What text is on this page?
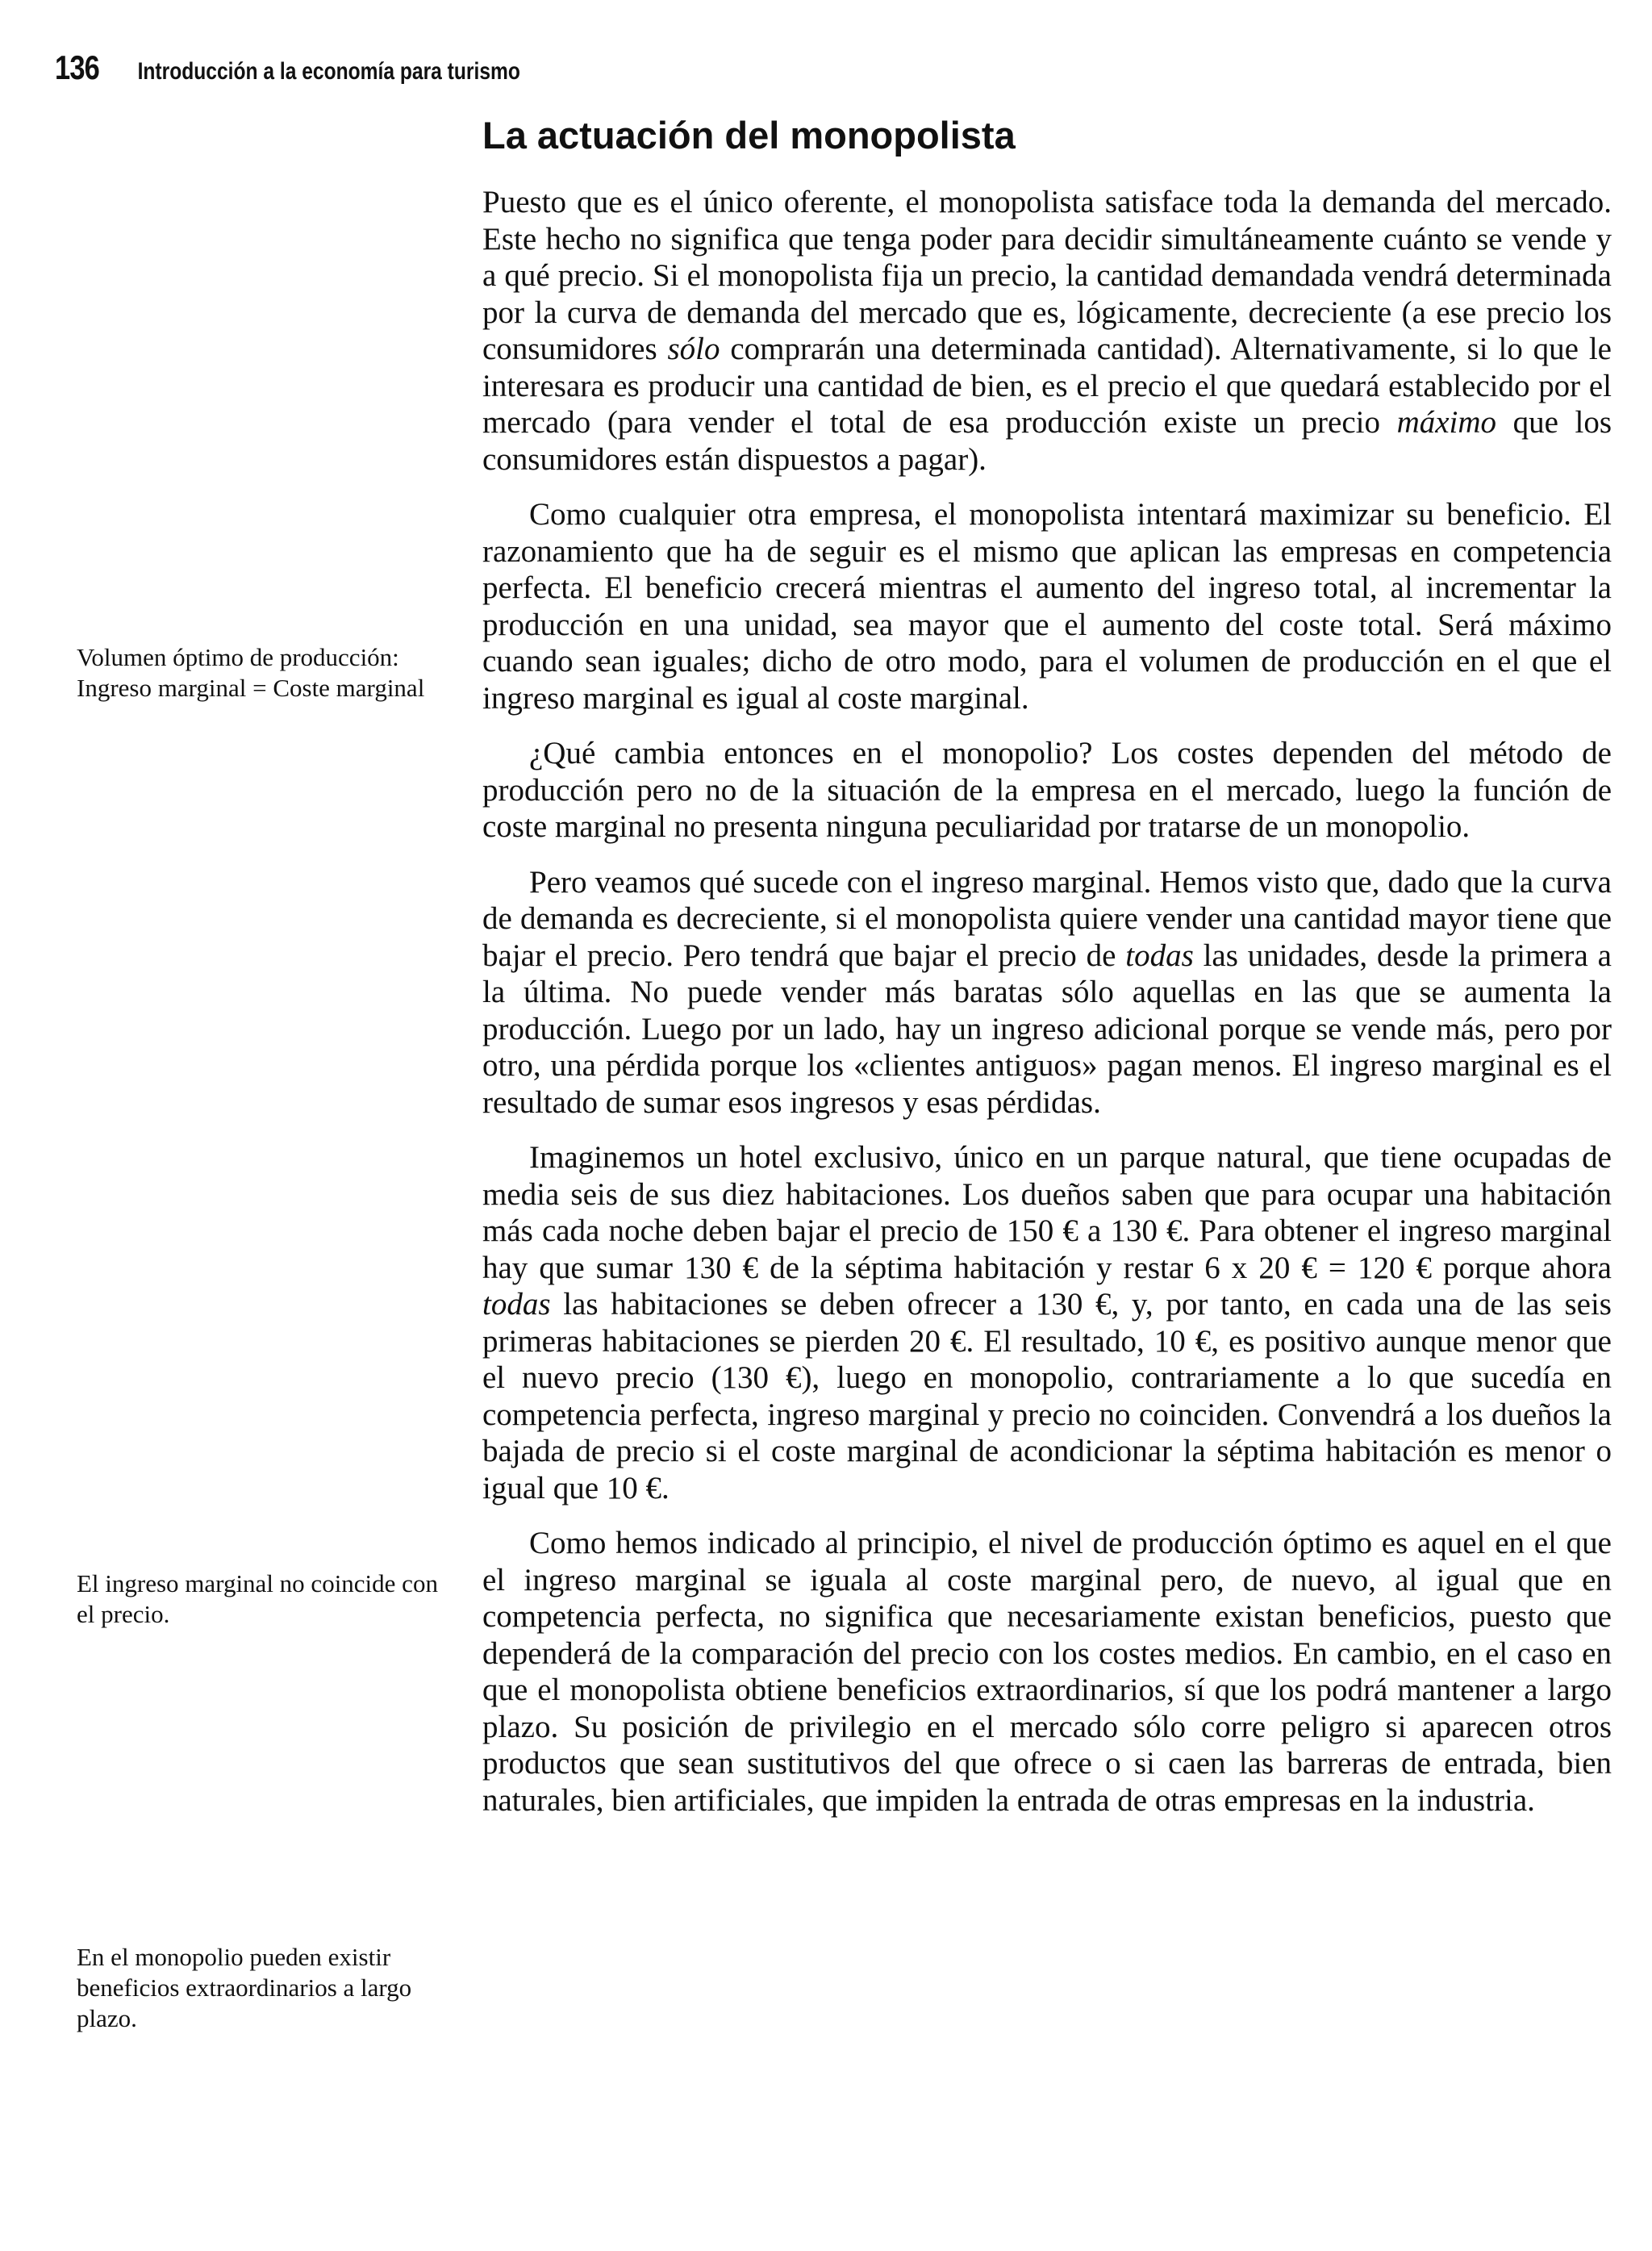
136 Introducción a la economía para turismo
La actuación del monopolista

Puesto que es el único oferente, el monopolista satisface toda la demanda del mercado. Este hecho no significa que tenga poder para decidir simultáneamente cuánto se vende y a qué precio. Si el monopolista fija un precio, la cantidad demandada vendrá determinada por la curva de demanda del mercado que es, lógicamente, decreciente (a ese precio los consumidores sólo comprarán una determinada cantidad). Alternativamente, si lo que le interesara es producir una cantidad de bien, es el precio el que quedará establecido por el mercado (para vender el total de esa producción existe un precio máximo que los consumidores están dispuestos a pagar).

Como cualquier otra empresa, el monopolista intentará maximizar su beneficio. El razonamiento que ha de seguir es el mismo que aplican las empresas en competencia perfecta. El beneficio crecerá mientras el aumento del ingreso total, al incrementar la producción en una unidad, sea mayor que el aumento del coste total. Será máximo cuando sean iguales; dicho de otro modo, para el volumen de producción en el que el ingreso marginal es igual al coste marginal.

¿Qué cambia entonces en el monopolio? Los costes dependen del método de producción pero no de la situación de la empresa en el mercado, luego la función de coste marginal no presenta ninguna peculiaridad por tratarse de un monopolio.

Pero veamos qué sucede con el ingreso marginal. Hemos visto que, dado que la curva de demanda es decreciente, si el monopolista quiere vender una cantidad mayor tiene que bajar el precio. Pero tendrá que bajar el precio de todas las unidades, desde la primera a la última. No puede vender más baratas sólo aquellas en las que se aumenta la producción. Luego por un lado, hay un ingreso adicional porque se vende más, pero por otro, una pérdida porque los «clientes antiguos» pagan menos. El ingreso marginal es el resultado de sumar esos ingresos y esas pérdidas.

Imaginemos un hotel exclusivo, único en un parque natural, que tiene ocupadas de media seis de sus diez habitaciones. Los dueños saben que para ocupar una habitación más cada noche deben bajar el precio de 150 € a 130 €. Para obtener el ingreso marginal hay que sumar 130 € de la séptima habitación y restar 6 x 20 € = 120 € porque ahora todas las habitaciones se deben ofrecer a 130 €, y, por tanto, en cada una de las seis primeras habitaciones se pierden 20 €. El resultado, 10 €, es positivo aunque menor que el nuevo precio (130 €), luego en monopolio, contrariamente a lo que sucedía en competencia perfecta, ingreso marginal y precio no coinciden. Convendrá a los dueños la bajada de precio si el coste marginal de acondicionar la séptima habitación es menor o igual que 10 €.

Como hemos indicado al principio, el nivel de producción óptimo es aquel en el que el ingreso marginal se iguala al coste marginal pero, de nuevo, al igual que en competencia perfecta, no significa que necesariamente existan beneficios, puesto que dependerá de la comparación del precio con los costes medios. En cambio, en el caso en que el monopolista obtiene beneficios extraordinarios, sí que los podrá mantener a largo plazo. Su posición de privilegio en el mercado sólo corre peligro si aparecen otros productos que sean sustitutivos del que ofrece o si caen las barreras de entrada, bien naturales, bien artificiales, que impiden la entrada de otras empresas en la industria.

Volumen óptimo de producción:
Ingreso marginal = Coste marginal
El ingreso marginal no coincide con el precio.
En el monopolio pueden existir beneficios extraordinarios a largo plazo.
